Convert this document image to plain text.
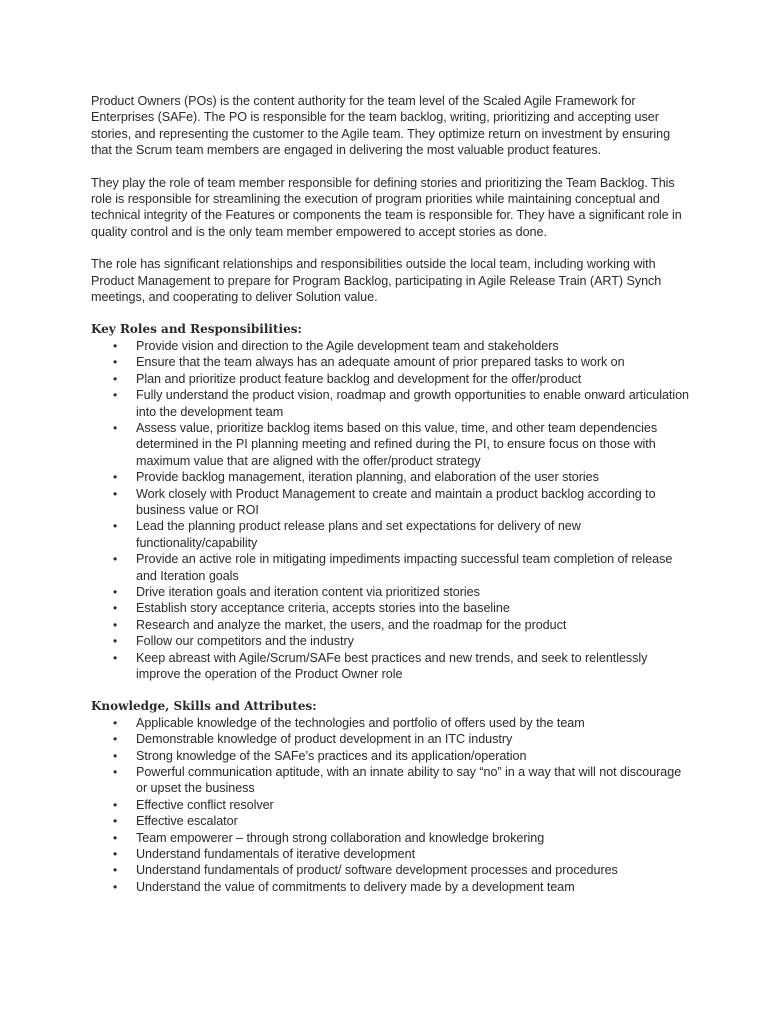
Product Owners (POs) is the content authority for the team level of the Scaled Agile Framework for Enterprises (SAFe). The PO is responsible for the team backlog, writing, prioritizing and accepting user stories, and representing the customer to the Agile team. They optimize return on investment by ensuring that the Scrum team members are engaged in delivering the most valuable product features.

They play the role of team member responsible for defining stories and prioritizing the Team Backlog. This role is responsible for streamlining the execution of program priorities while maintaining conceptual and technical integrity of the Features or components the team is responsible for. They have a significant role in quality control and is the only team member empowered to accept stories as done.

The role has significant relationships and responsibilities outside the local team, including working with Product Management to prepare for Program Backlog, participating in Agile Release Train (ART) Synch meetings, and cooperating to deliver Solution value.

Key Roles and Responsibilities:
• Provide vision and direction to the Agile development team and stakeholders
• Ensure that the team always has an adequate amount of prior prepared tasks to work on
• Plan and prioritize product feature backlog and development for the offer/product
• Fully understand the product vision, roadmap and growth opportunities to enable onward articulation into the development team
• Assess value, prioritize backlog items based on this value, time, and other team dependencies determined in the PI planning meeting and refined during the PI, to ensure focus on those with maximum value that are aligned with the offer/product strategy
• Provide backlog management, iteration planning, and elaboration of the user stories
• Work closely with Product Management to create and maintain a product backlog according to business value or ROI
• Lead the planning product release plans and set expectations for delivery of new functionality/capability
• Provide an active role in mitigating impediments impacting successful team completion of release and Iteration goals
• Drive iteration goals and iteration content via prioritized stories
• Establish story acceptance criteria, accepts stories into the baseline
• Research and analyze the market, the users, and the roadmap for the product
• Follow our competitors and the industry
• Keep abreast with Agile/Scrum/SAFe best practices and new trends, and seek to relentlessly improve the operation of the Product Owner role
Knowledge, Skills and Attributes:
• Applicable knowledge of the technologies and portfolio of offers used by the team
• Demonstrable knowledge of product development in an ITC industry
• Strong knowledge of the SAFe’s practices and its application/operation
• Powerful communication aptitude, with an innate ability to say “no” in a way that will not discourage or upset the business
• Effective conflict resolver
• Effective escalator
• Team empowerer – through strong collaboration and knowledge brokering
• Understand fundamentals of iterative development
• Understand fundamentals of product/ software development processes and procedures
• Understand the value of commitments to delivery made by a development team
